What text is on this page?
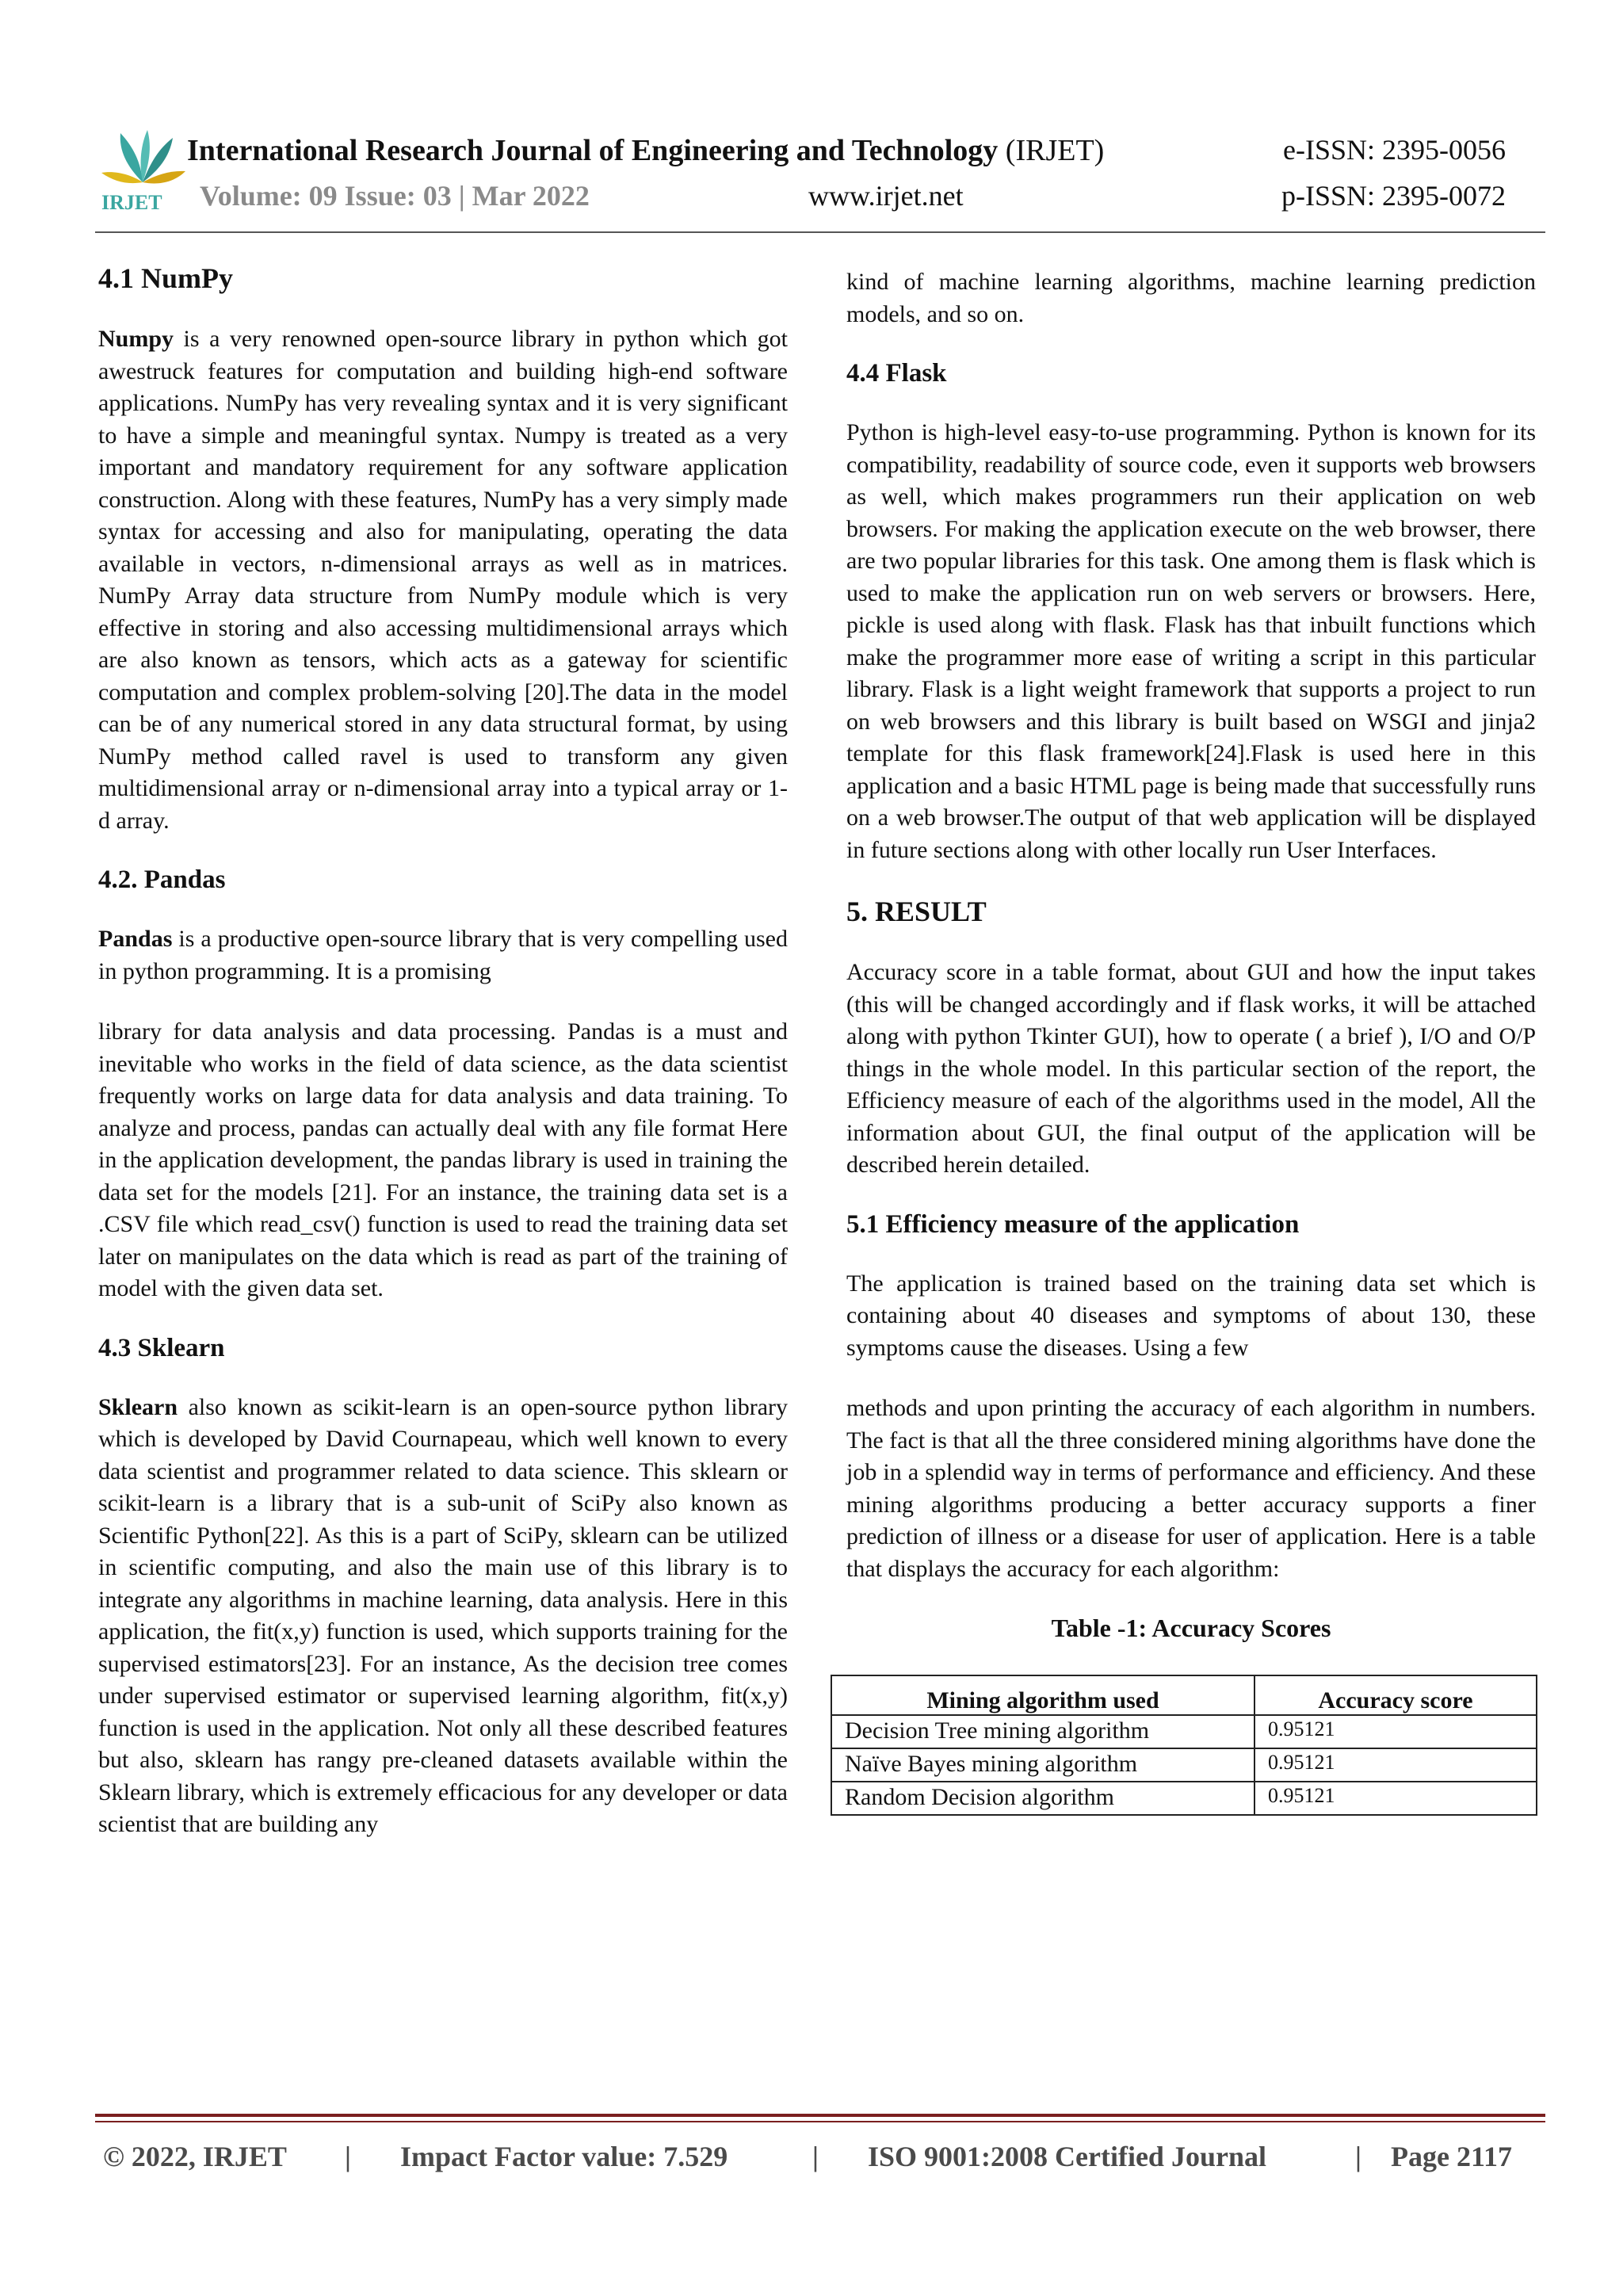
IRJET
International Research Journal of Engineering and Technology (IRJET)	e-ISSN: 2395-0056
Volume: 09 Issue: 03 | Mar 2022	www.irjet.net	p-ISSN: 2395-0072
4.1 NumPy

Numpy is a very renowned open-source library in python which got awestruck features for computation and building high-end software applications. NumPy has very revealing syntax and it is very significant to have a simple and meaningful syntax. Numpy is treated as a very important and mandatory requirement for any software application construction. Along with these features, NumPy has a very simply made syntax for accessing and also for manipulating, operating the data available in vectors, n-dimensional arrays as well as in matrices. NumPy Array data structure from NumPy module which is very effective in storing and also accessing multidimensional arrays which are also known as tensors, which acts as a gateway for scientific computation and complex problem-solving [20].The data in the model can be of any numerical stored in any data structural format, by using NumPy method called ravel is used to transform any given multidimensional array or n-dimensional array into a typical array or 1-d array.

4.2. Pandas

Pandas is a productive open-source library that is very compelling used in python programming. It is a promising

library for data analysis and data processing. Pandas is a must and inevitable who works in the field of data science, as the data scientist frequently works on large data for data analysis and data training. To analyze and process, pandas can actually deal with any file format Here in the application development, the pandas library is used in training the data set for the models [21]. For an instance, the training data set is a .CSV file which read_csv() function is used to read the training data set later on manipulates on the data which is read as part of the training of model with the given data set.

4.3 Sklearn

Sklearn also known as scikit-learn is an open-source python library which is developed by David Cournapeau, which well known to every data scientist and programmer related to data science. This sklearn or scikit-learn is a library that is a sub-unit of SciPy also known as Scientific Python[22]. As this is a part of SciPy, sklearn can be utilized in scientific computing, and also the main use of this library is to integrate any algorithms in machine learning, data analysis. Here in this application, the fit(x,y) function is used, which supports training for the supervised estimators[23]. For an instance, As the decision tree comes under supervised estimator or supervised learning algorithm, fit(x,y) function is used in the application. Not only all these described features but also, sklearn has rangy pre-cleaned datasets available within the Sklearn library, which is extremely efficacious for any developer or data scientist that are building any

kind of machine learning algorithms, machine learning prediction models, and so on.

4.4 Flask

Python is high-level easy-to-use programming. Python is known for its compatibility, readability of source code, even it supports web browsers as well, which makes programmers run their application on web browsers. For making the application execute on the web browser, there are two popular libraries for this task. One among them is flask which is used to make the application run on web servers or browsers. Here, pickle is used along with flask. Flask has that inbuilt functions which make the programmer more ease of writing a script in this particular library. Flask is a light weight framework that supports a project to run on web browsers and this library is built based on WSGI and jinja2 template for this flask framework[24].Flask is used here in this application and a basic HTML page is being made that successfully runs on a web browser.The output of that web application will be displayed in future sections along with other locally run User Interfaces.

5. RESULT

Accuracy score in a table format, about GUI and how the input takes (this will be changed accordingly and if flask works, it will be attached along with python Tkinter GUI), how to operate ( a brief ), I/O and O/P things in the whole model. In this particular section of the report, the Efficiency measure of each of the algorithms used in the model, All the information about GUI, the final output of the application will be described herein detailed.

5.1 Efficiency measure of the application

The application is trained based on the training data set which is containing about 40 diseases and symptoms of about 130, these symptoms cause the diseases. Using a few

methods and upon printing the accuracy of each algorithm in numbers. The fact is that all the three considered mining algorithms have done the job in a splendid way in terms of performance and efficiency. And these mining algorithms producing a better accuracy supports a finer prediction of illness or a disease for user of application. Here is a table that displays the accuracy for each algorithm:

Table -1: Accuracy Scores
Mining algorithm used	Accuracy score
Decision Tree mining algorithm	0.95121
Naïve Bayes mining algorithm	0.95121
Random Decision algorithm	0.95121
© 2022, IRJET | Impact Factor value: 7.529	| ISO 9001:2008 Certified Journal	| Page 2117
